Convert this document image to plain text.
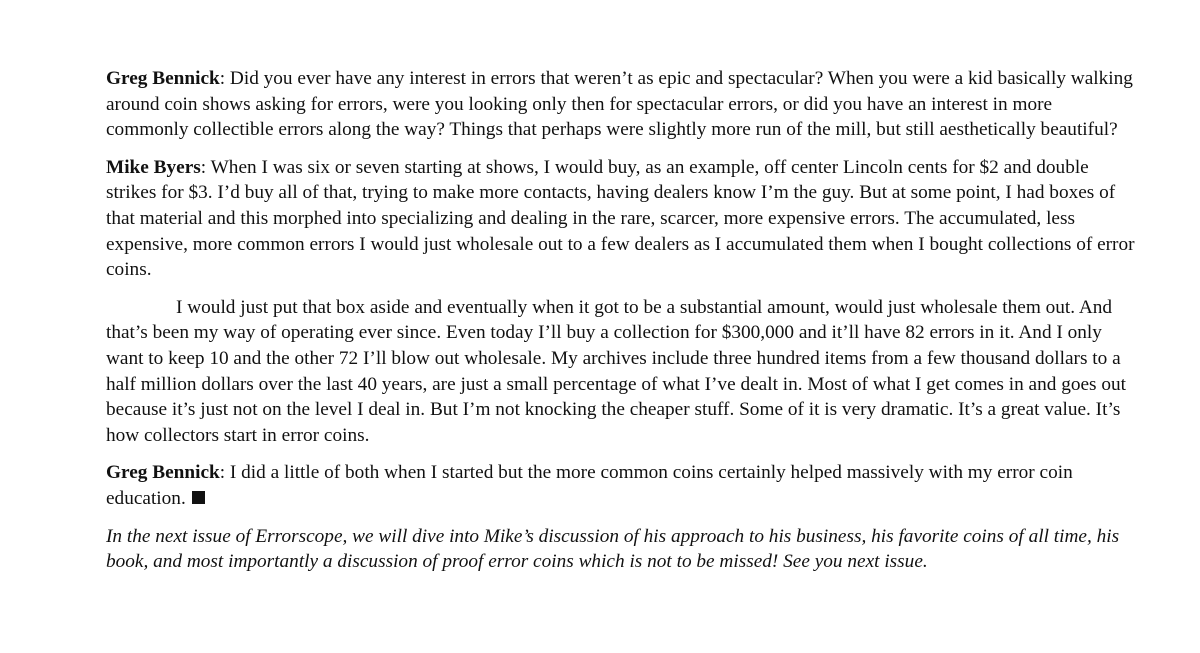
Greg Bennick: Did you ever have any interest in errors that weren’t as epic and spectacular? When you were a kid basically walking around coin shows asking for errors, were you looking only then for spectacular errors, or did you have an interest in more commonly collectible errors along the way? Things that perhaps were slightly more run of the mill, but still aesthetically beautiful?

Mike Byers: When I was six or seven starting at shows, I would buy, as an example, off center Lincoln cents for $2 and double strikes for $3. I’d buy all of that, trying to make more contacts, having dealers know I’m the guy. But at some point, I had boxes of that material and this morphed into specializing and dealing in the rare, scarcer, more expensive errors. The accumulated, less expensive, more common errors I would just wholesale out to a few dealers as I accumulated them when I bought collections of error coins.

I would just put that box aside and eventually when it got to be a substantial amount, would just wholesale them out. And that’s been my way of operating ever since. Even today I’ll buy a collection for $300,000 and it’ll have 82 errors in it. And I only want to keep 10 and the other 72 I’ll blow out wholesale. My archives include three hundred items from a few thousand dollars to a half million dollars over the last 40 years, are just a small percentage of what I’ve dealt in. Most of what I get comes in and goes out because it’s just not on the level I deal in. But I’m not knocking the cheaper stuff. Some of it is very dramatic. It’s a great value. It’s how collectors start in error coins.

Greg Bennick: I did a little of both when I started but the more common coins certainly helped massively with my error coin education.

In the next issue of Errorscope, we will dive into Mike’s discussion of his approach to his business, his favorite coins of all time, his book, and most importantly a discussion of proof error coins which is not to be missed! See you next issue.
